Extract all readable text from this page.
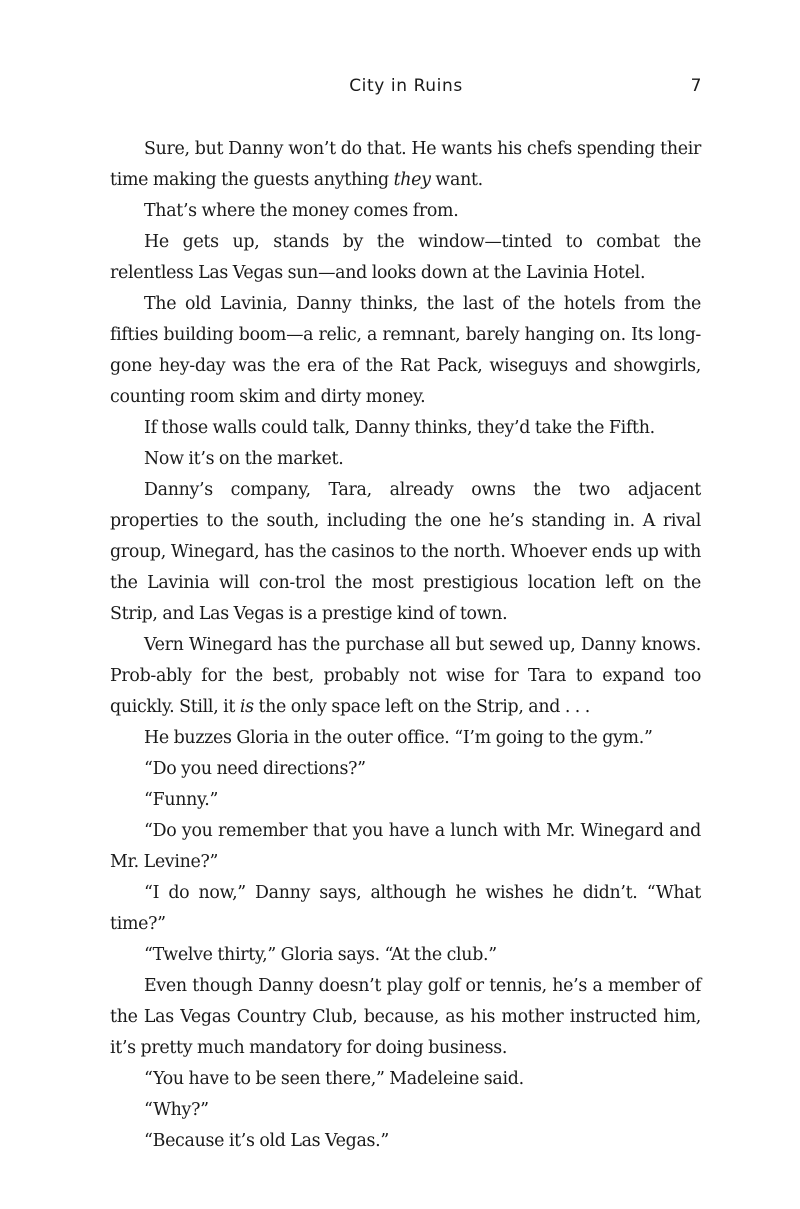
City in Ruins	7

Sure, but Danny won’t do that. He wants his chefs spending their time making the guests anything they want.

That’s where the money comes from.

He gets up, stands by the window—tinted to combat the relentless Las Vegas sun—and looks down at the Lavinia Hotel.

The old Lavinia, Danny thinks, the last of the hotels from the fifties building boom—a relic, a remnant, barely hanging on. Its long-gone hey-day was the era of the Rat Pack, wiseguys and showgirls, counting room skim and dirty money.

If those walls could talk, Danny thinks, they’d take the Fifth.

Now it’s on the market.

Danny’s company, Tara, already owns the two adjacent properties to the south, including the one he’s standing in. A rival group, Winegard, has the casinos to the north. Whoever ends up with the Lavinia will con-trol the most prestigious location left on the Strip, and Las Vegas is a prestige kind of town.

Vern Winegard has the purchase all but sewed up, Danny knows. Prob-ably for the best, probably not wise for Tara to expand too quickly. Still, it is the only space left on the Strip, and . . .

He buzzes Gloria in the outer office. “I’m going to the gym.”

“Do you need directions?”

“Funny.”

“Do you remember that you have a lunch with Mr. Winegard and Mr. Levine?”

“I do now,” Danny says, although he wishes he didn’t. “What time?”

“Twelve thirty,” Gloria says. “At the club.”

Even though Danny doesn’t play golf or tennis, he’s a member of the Las Vegas Country Club, because, as his mother instructed him, it’s pretty much mandatory for doing business.

“You have to be seen there,” Madeleine said.

“Why?”

“Because it’s old Las Vegas.”
